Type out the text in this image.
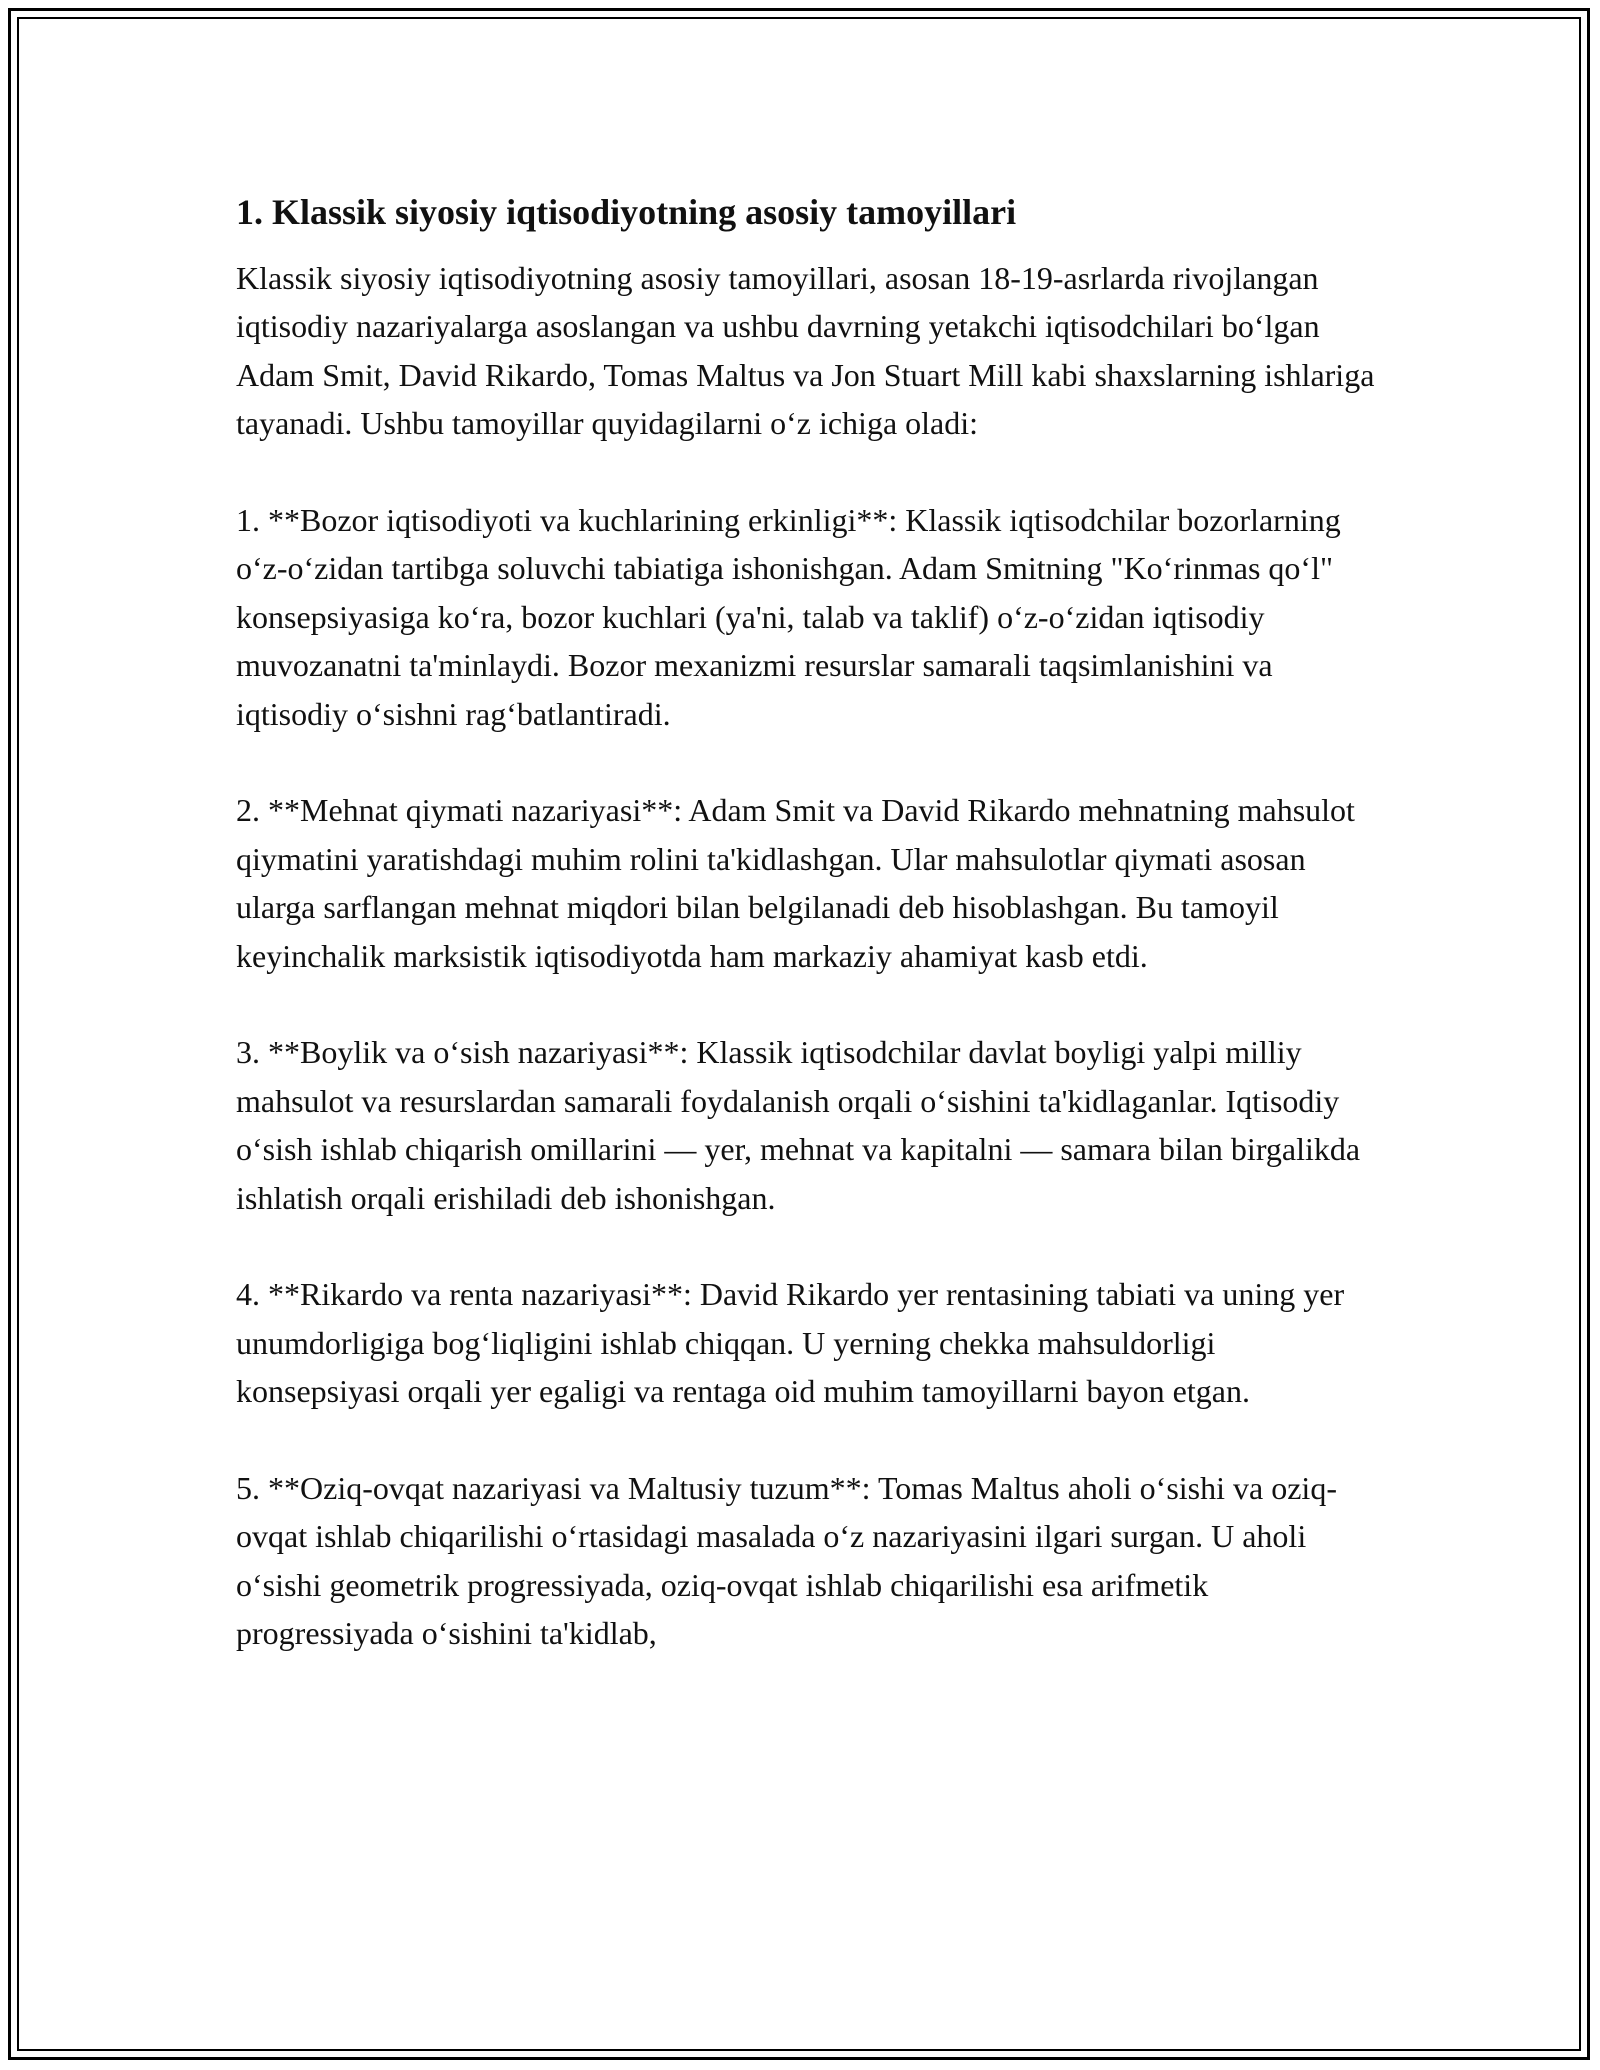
1. Klassik siyosiy iqtisodiyotning asosiy tamoyillari

Klassik siyosiy iqtisodiyotning asosiy tamoyillari, asosan 18-19-asrlarda rivojlangan iqtisodiy nazariyalarga asoslangan va ushbu davrning yetakchi iqtisodchilari bo‘lgan Adam Smit, David Rikardo, Tomas Maltus va Jon Stuart Mill kabi shaxslarning ishlariga tayanadi. Ushbu tamoyillar quyidagilarni o‘z ichiga oladi:

1. **Bozor iqtisodiyoti va kuchlarining erkinligi**: Klassik iqtisodchilar bozorlarning o‘z-o‘zidan tartibga soluvchi tabiatiga ishonishgan. Adam Smitning "Ko‘rinmas qo‘l" konsepsiyasiga ko‘ra, bozor kuchlari (ya'ni, talab va taklif) o‘z-o‘zidan iqtisodiy muvozanatni ta'minlaydi. Bozor mexanizmi resurslar samarali taqsimlanishini va iqtisodiy o‘sishni rag‘batlantiradi.

2. **Mehnat qiymati nazariyasi**: Adam Smit va David Rikardo mehnatning mahsulot qiymatini yaratishdagi muhim rolini ta'kidlashgan. Ular mahsulotlar qiymati asosan ularga sarflangan mehnat miqdori bilan belgilanadi deb hisoblashgan. Bu tamoyil keyinchalik marksistik iqtisodiyotda ham markaziy ahamiyat kasb etdi.

3. **Boylik va o‘sish nazariyasi**: Klassik iqtisodchilar davlat boyligi yalpi milliy mahsulot va resurslardan samarali foydalanish orqali o‘sishini ta'kidlaganlar. Iqtisodiy o‘sish ishlab chiqarish omillarini — yer, mehnat va kapitalni — samara bilan birgalikda ishlatish orqali erishiladi deb ishonishgan.

4. **Rikardo va renta nazariyasi**: David Rikardo yer rentasining tabiati va uning yer unumdorligiga bog‘liqligini ishlab chiqqan. U yerning chekka mahsuldorligi konsepsiyasi orqali yer egaligi va rentaga oid muhim tamoyillarni bayon etgan.

5. **Oziq-ovqat nazariyasi va Maltusiy tuzum**: Tomas Maltus aholi o‘sishi va oziq-ovqat ishlab chiqarilishi o‘rtasidagi masalada o‘z nazariyasini ilgari surgan. U aholi o‘sishi geometrik progressiyada, oziq-ovqat ishlab chiqarilishi esa arifmetik progressiyada o‘sishini ta'kidlab,
